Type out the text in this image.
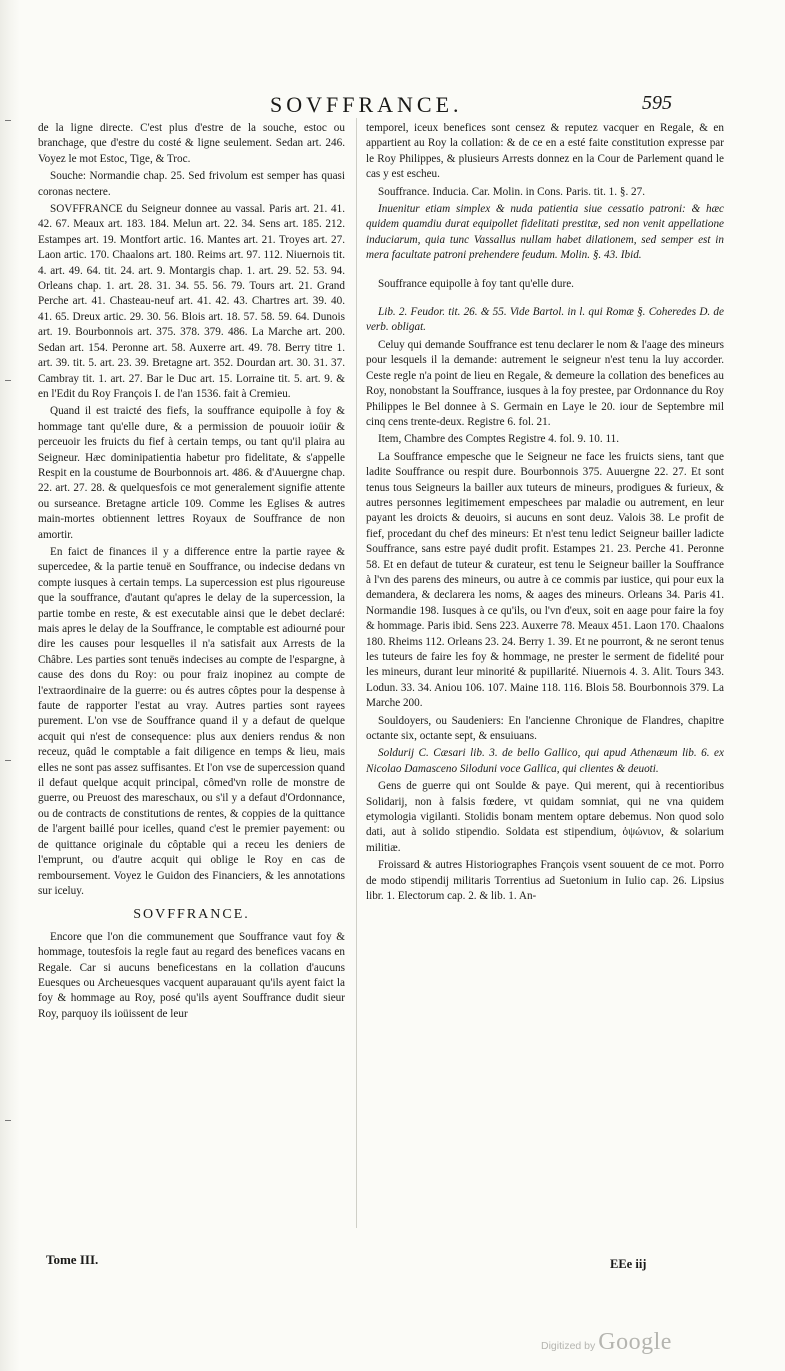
SOVFFRANCE.	595

de la ligne directe. C'est plus d'estre de la souche, estoc ou branchage, que d'estre du costé & ligne seulement. Sedan art. 246. Voyez le mot Estoc, Tige, & Troc.

Souche: Normandie chap. 25. Sed frivolum est semper has quasi coronas nectere.

SOVFFRANCE du Seigneur donnee au vassal. Paris art. 21. 41. 42. 67. Meaux art. 183. 184. Melun art. 22. 34. Sens art. 185. 212. Estampes art. 19. Montfort artic. 16. Mantes art. 21. Troyes art. 27. Laon artic. 170. Chaalons art. 180. Reims art. 97. 112. Niuernois tit. 4. art. 49. 64. tit. 24. art. 9. Montargis chap. 1. art. 29. 52. 53. 94. Orleans chap. 1. art. 28. 31. 34. 55. 56. 79. Tours art. 21. Grand Perche art. 41. Chasteau-neuf art. 41. 42. 43. Chartres art. 39. 40. 41. 65. Dreux artic. 29. 30. 56. Blois art. 18. 57. 58. 59. 64. Dunois art. 19. Bourbonnois art. 375. 378. 379. 486. La Marche art. 200. Sedan art. 154. Peronne art. 58. Auxerre art. 49. 78. Berry titre 1. art. 39. tit. 5. art. 23. 39. Bretagne art. 352. Dourdan art. 30. 31. 37. Cambray tit. 1. art. 27. Bar le Duc art. 15. Lorraine tit. 5. art. 9. & en l'Edit du Roy François I. de l'an 1536. fait à Cremieu.

Quand il est traicté des fiefs, la souffrance equipolle à foy & hommage tant qu'elle dure, & a permission de pouuoir ioüir & perceuoir les fruicts du fief à certain temps, ou tant qu'il plaira au Seigneur. Hæc dominipatientia habetur pro fidelitate, & s'appelle Respit en la coustume de Bourbonnois art. 486. & d'Auuergne chap. 22. art. 27. 28. & quelquesfois ce mot generalement signifie attente ou surseance. Bretagne article 109. Comme les Eglises & autres main-mortes obtiennent lettres Royaux de Souffrance de non amortir.

En faict de finances il y a difference entre la partie rayee & supercedee, & la partie tenuë en Souffrance, ou indecise dedans vn compte iusques à certain temps. La supercession est plus rigoureuse que la souffrance, d'autant qu'apres le delay de la supercession, la partie tombe en reste, & est executable ainsi que le debet declaré: mais apres le delay de la Souffrance, le comptable est adiourné pour dire les causes pour lesquelles il n'a satisfait aux Arrests de la Châbre. Les parties sont tenuës indecises au compte de l'espargne, à cause des dons du Roy: ou pour fraiz inopinez au compte de l'extraordinaire de la guerre: ou és autres côptes pour la despense à faute de rapporter l'estat au vray. Autres parties sont rayees purement. L'on vse de Souffrance quand il y a defaut de quelque acquit qui n'est de consequence: plus aux deniers rendus & non receuz, quâd le comptable a fait diligence en temps & lieu, mais elles ne sont pas assez suffisantes. Et l'on vse de supercession quand il defaut quelque acquit principal, cômed'vn rolle de monstre de guerre, ou Preuost des mareschaux, ou s'il y a defaut d'Ordonnance, ou de contracts de constitutions de rentes, & coppies de la quittance de l'argent baillé pour icelles, quand c'est le premier payement: ou de quittance originale du côptable qui a receu les deniers de l'emprunt, ou d'autre acquit qui oblige le Roy en cas de remboursement. Voyez le Guidon des Financiers, & les annotations sur iceluy.

SOVFFRANCE.

Encore que l'on die communement que Souffrance vaut foy & hommage, toutesfois la regle faut au regard des benefices vacans en Regale. Car si aucuns beneficestans en la collation d'aucuns Euesques ou Archeuesques vacquent auparauant qu'ils ayent faict la foy & hommage au Roy, posé qu'ils ayent Souffrance dudit sieur Roy, parquoy ils ioüissent de leur

temporel, iceux benefices sont censez & reputez vacquer en Regale, & en appartient au Roy la collation: & de ce en a esté faite constitution expresse par le Roy Philippes, & plusieurs Arrests donnez en la Cour de Parlement quand le cas y est escheu.

Souffrance. Inducia. Car. Molin. in Cons. Paris. tit. 1. §. 27.

Inuenitur etiam simplex & nuda patientia siue cessatio patroni: & hæc quidem quamdiu durat equipollet fidelitati prestitæ, sed non venit appellatione induciarum, quia tunc Vassallus nullam habet dilationem, sed semper est in mera facultate patroni prehendere feudum. Molin. §. 43. Ibid.

Souffrance equipolle à foy tant qu'elle dure.

Lib. 2. Feudor. tit. 26. & 55. Vide Bartol. in l. qui Romæ §. Coheredes D. de verb. obligat.

Celuy qui demande Souffrance est tenu declarer le nom & l'aage des mineurs pour lesquels il la demande: autrement le seigneur n'est tenu la luy accorder. Ceste regle n'a point de lieu en Regale, & demeure la collation des benefices au Roy, nonobstant la Souffrance, iusques à la foy prestee, par Ordonnance du Roy Philippes le Bel donnee à S. Germain en Laye le 20. iour de Septembre mil cinq cens trente-deux. Registre 6. fol. 21.

Item, Chambre des Comptes Registre 4. fol. 9. 10. 11.

La Souffrance empesche que le Seigneur ne face les fruicts siens, tant que ladite Souffrance ou respit dure. Bourbonnois 375. Auuergne 22. 27. Et sont tenus tous Seigneurs la bailler aux tuteurs de mineurs, prodigues & furieux, & autres personnes legitimement empeschees par maladie ou autrement, en leur payant les droicts & deuoirs, si aucuns en sont deuz. Valois 38. Le profit de fief, procedant du chef des mineurs: Et n'est tenu ledict Seigneur bailler ladicte Souffrance, sans estre payé dudit profit. Estampes 21. 23. Perche 41. Peronne 58. Et en defaut de tuteur & curateur, est tenu le Seigneur bailler la Souffrance à l'vn des parens des mineurs, ou autre à ce commis par iustice, qui pour eux la demandera, & declarera les noms, & aages des mineurs. Orleans 34. Paris 41. Normandie 198. Iusques à ce qu'ils, ou l'vn d'eux, soit en aage pour faire la foy & hommage. Paris ibid. Sens 223. Auxerre 78. Meaux 451. Laon 170. Chaalons 180. Rheims 112. Orleans 23. 24. Berry 1. 39. Et ne pourront, & ne seront tenus les tuteurs de faire les foy & hommage, ne prester le serment de fidelité pour les mineurs, durant leur minorité & pupillarité. Niuernois 4. 3. Alit. Tours 343. Lodun. 33. 34. Aniou 106. 107. Maine 118. 116. Blois 58. Bourbonnois 379. La Marche 200.

Souldoyers, ou Saudeniers: En l'ancienne Chronique de Flandres, chapitre octante six, octante sept, & ensuiuans.

Soldurij C. Cæsari lib. 3. de bello Gallico, qui apud Athenæum lib. 6. ex Nicolao Damasceno Siloduni voce Gallica, qui clientes & deuoti.

Gens de guerre qui ont Soulde & paye. Qui merent, qui à recentioribus Solidarij, non à falsis fœdere, vt quidam somniat, qui ne vna quidem etymologia vigilanti. Stolidis bonam mentem optare debemus. Non quod solo dati, aut à solido stipendio. Soldata est stipendium, ὀψώνιον, & solarium militiæ.

Froissard & autres Historiographes François vsent souuent de ce mot. Porro de modo stipendij militaris Torrentius ad Suetonium in Iulio cap. 26. Lipsius libr. 1. Electorum cap. 2. & lib. 1. An-

Tome III.	EEe iij
Digitized by Google
